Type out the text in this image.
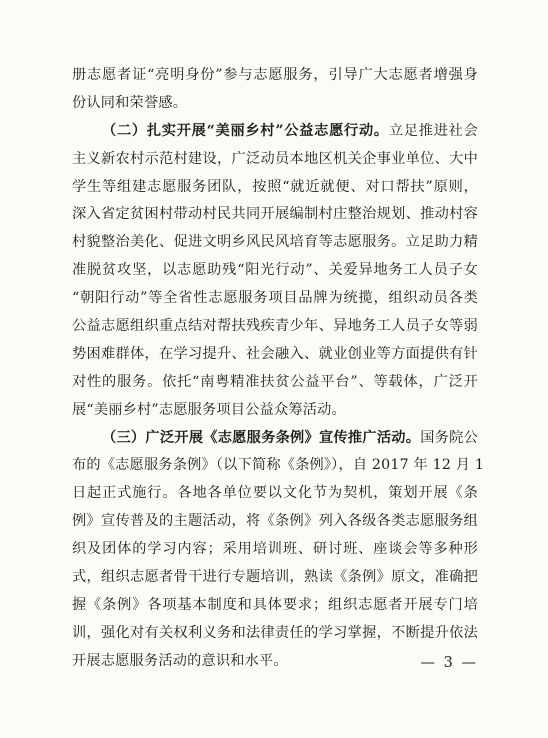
册志愿者证“亮明身份”参与志愿服务，引导广大志愿者增强身
份认同和荣誉感。
（二）扎实开展“美丽乡村”公益志愿行动。立足推进社会
主义新农村示范村建设，广泛动员本地区机关企事业单位、大中
学生等组建志愿服务团队，按照“就近就便、对口帮扶”原则，
深入省定贫困村带动村民共同开展编制村庄整治规划、推动村容
村貌整治美化、促进文明乡风民风培育等志愿服务。立足助力精
准脱贫攻坚，以志愿助残“阳光行动”、关爱异地务工人员子女
“朝阳行动”等全省性志愿服务项目品牌为统揽，组织动员各类
公益志愿组织重点结对帮扶残疾青少年、异地务工人员子女等弱
势困难群体，在学习提升、社会融入、就业创业等方面提供有针
对性的服务。依托“南粤精准扶贫公益平台”、等载体，广泛开
展“美丽乡村”志愿服务项目公益众筹活动。
（三）广泛开展《志愿服务条例》宣传推广活动。国务院公
布的《志愿服务条例》（以下简称《条例》），自 2017 年 12 月 1
日起正式施行。各地各单位要以文化节为契机，策划开展《条
例》宣传普及的主题活动，将《条例》列入各级各类志愿服务组
织及团体的学习内容；采用培训班、研讨班、座谈会等多种形
式，组织志愿者骨干进行专题培训，熟读《条例》原文，准确把
握《条例》各项基本制度和具体要求；组织志愿者开展专门培
训，强化对有关权利义务和法律责任的学习掌握，不断提升依法
开展志愿服务活动的意识和水平。	— 3 —
